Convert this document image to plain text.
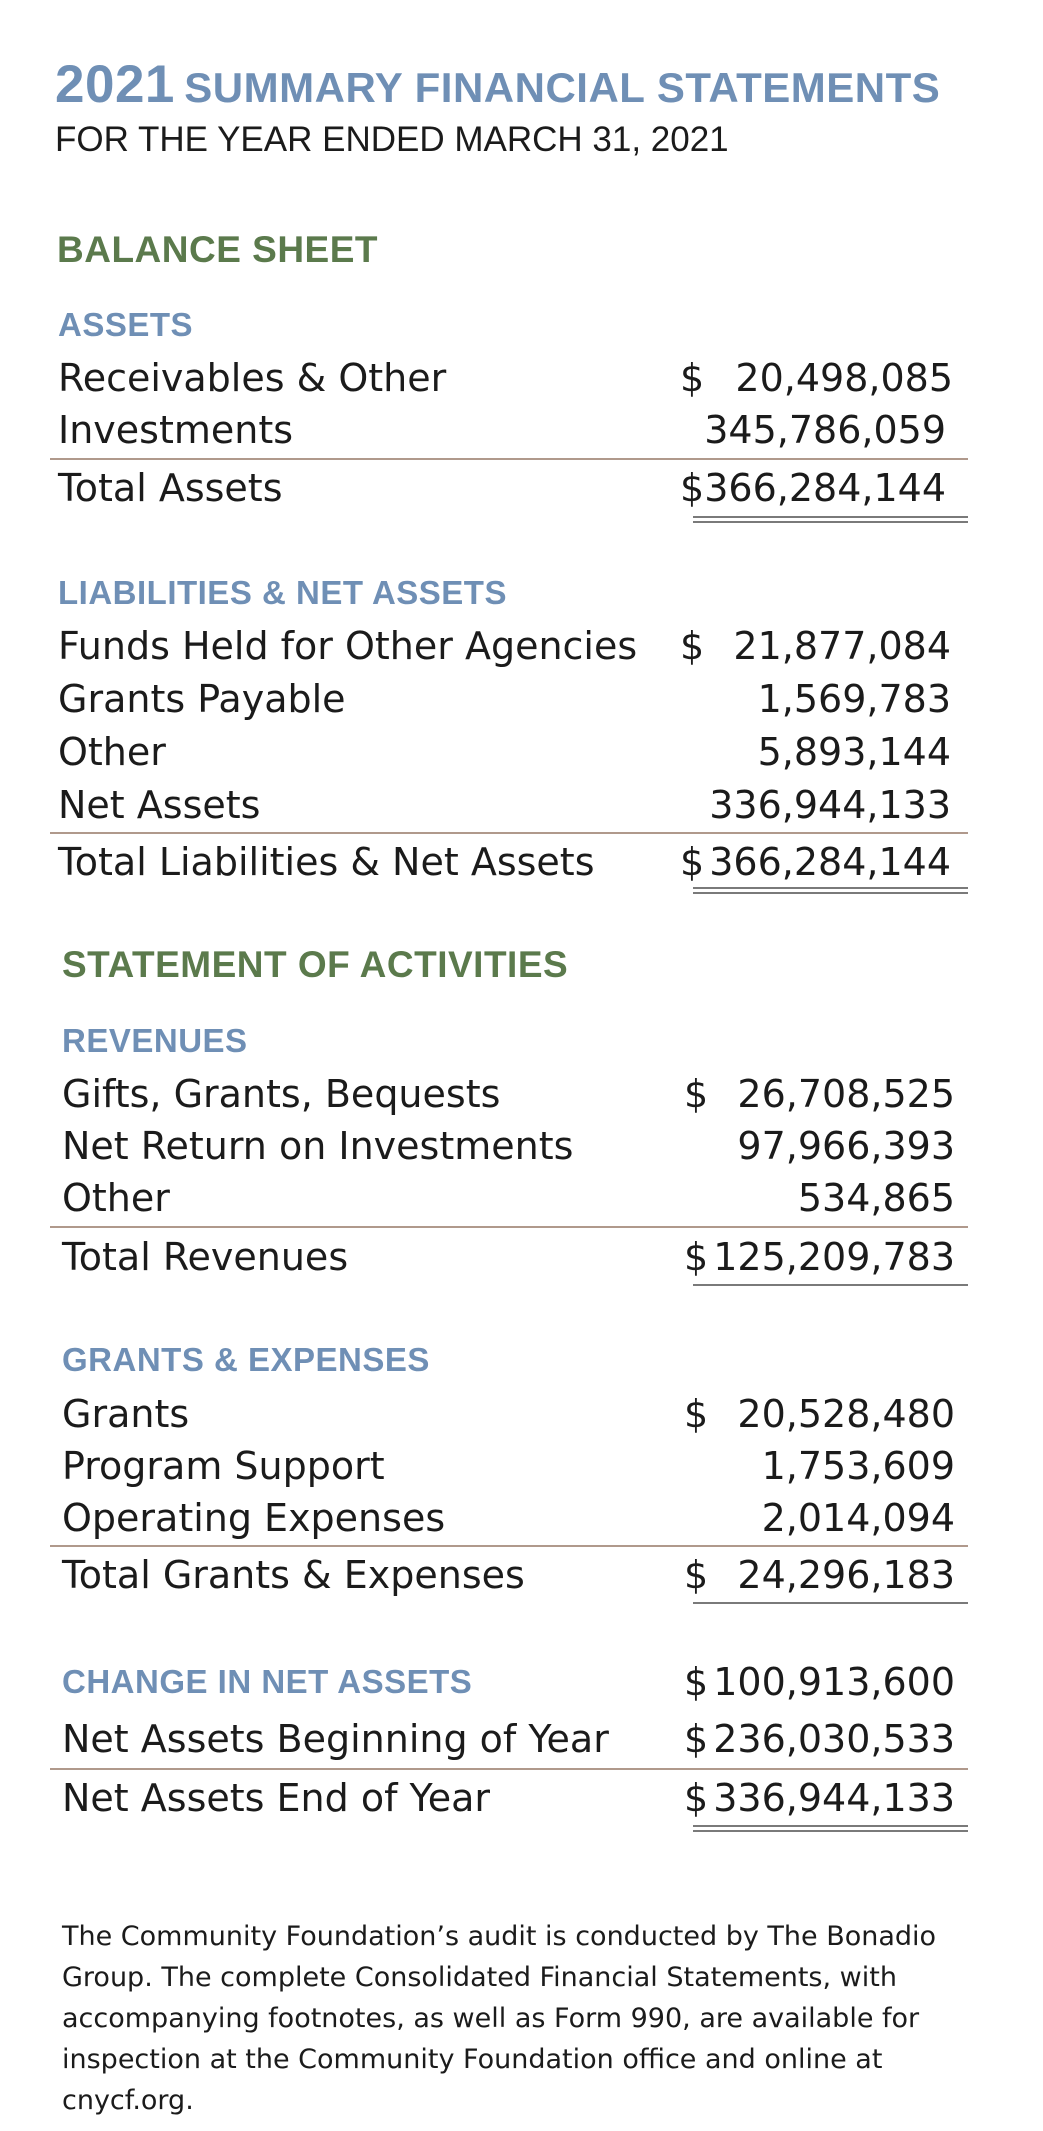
2021 SUMMARY FINANCIAL STATEMENTS

FOR THE YEAR ENDED MARCH 31, 2021

BALANCE SHEET
ASSETS
Receivables & Other	$ 20,498,085
Investments	345,786,059
Total Assets	$ 366,284,144
LIABILITIES & NET ASSETS
Funds Held for Other Agencies $ 21,877,084
Grants Payable	1,569,783
Other	5,893,144
Net Assets	336,944,133
Total Liabilities & Net Assets $ 366,284,144
STATEMENT OF ACTIVITIES
REVENUES
Gifts, Grants, Bequests	$ 26,708,525
Net Return on Investments	97,966,393
Other	534,865
Total Revenues	$ 125,209,783
GRANTS & EXPENSES
Grants	$ 20,528,480
Program Support	1,753,609
Operating Expenses	2,014,094
Total Grants & Expenses	$ 24,296,183
CHANGE IN NET ASSETS	$ 100,913,600
Net Assets Beginning of Year $ 236,030,533
Net Assets End of Year	$ 336,944,133

The Community Foundation’s audit is conducted by The Bonadio Group. The complete Consolidated Financial Statements, with accompanying footnotes, as well as Form 990, are available for inspection at the Community Foundation office and online at cnycf.org.
